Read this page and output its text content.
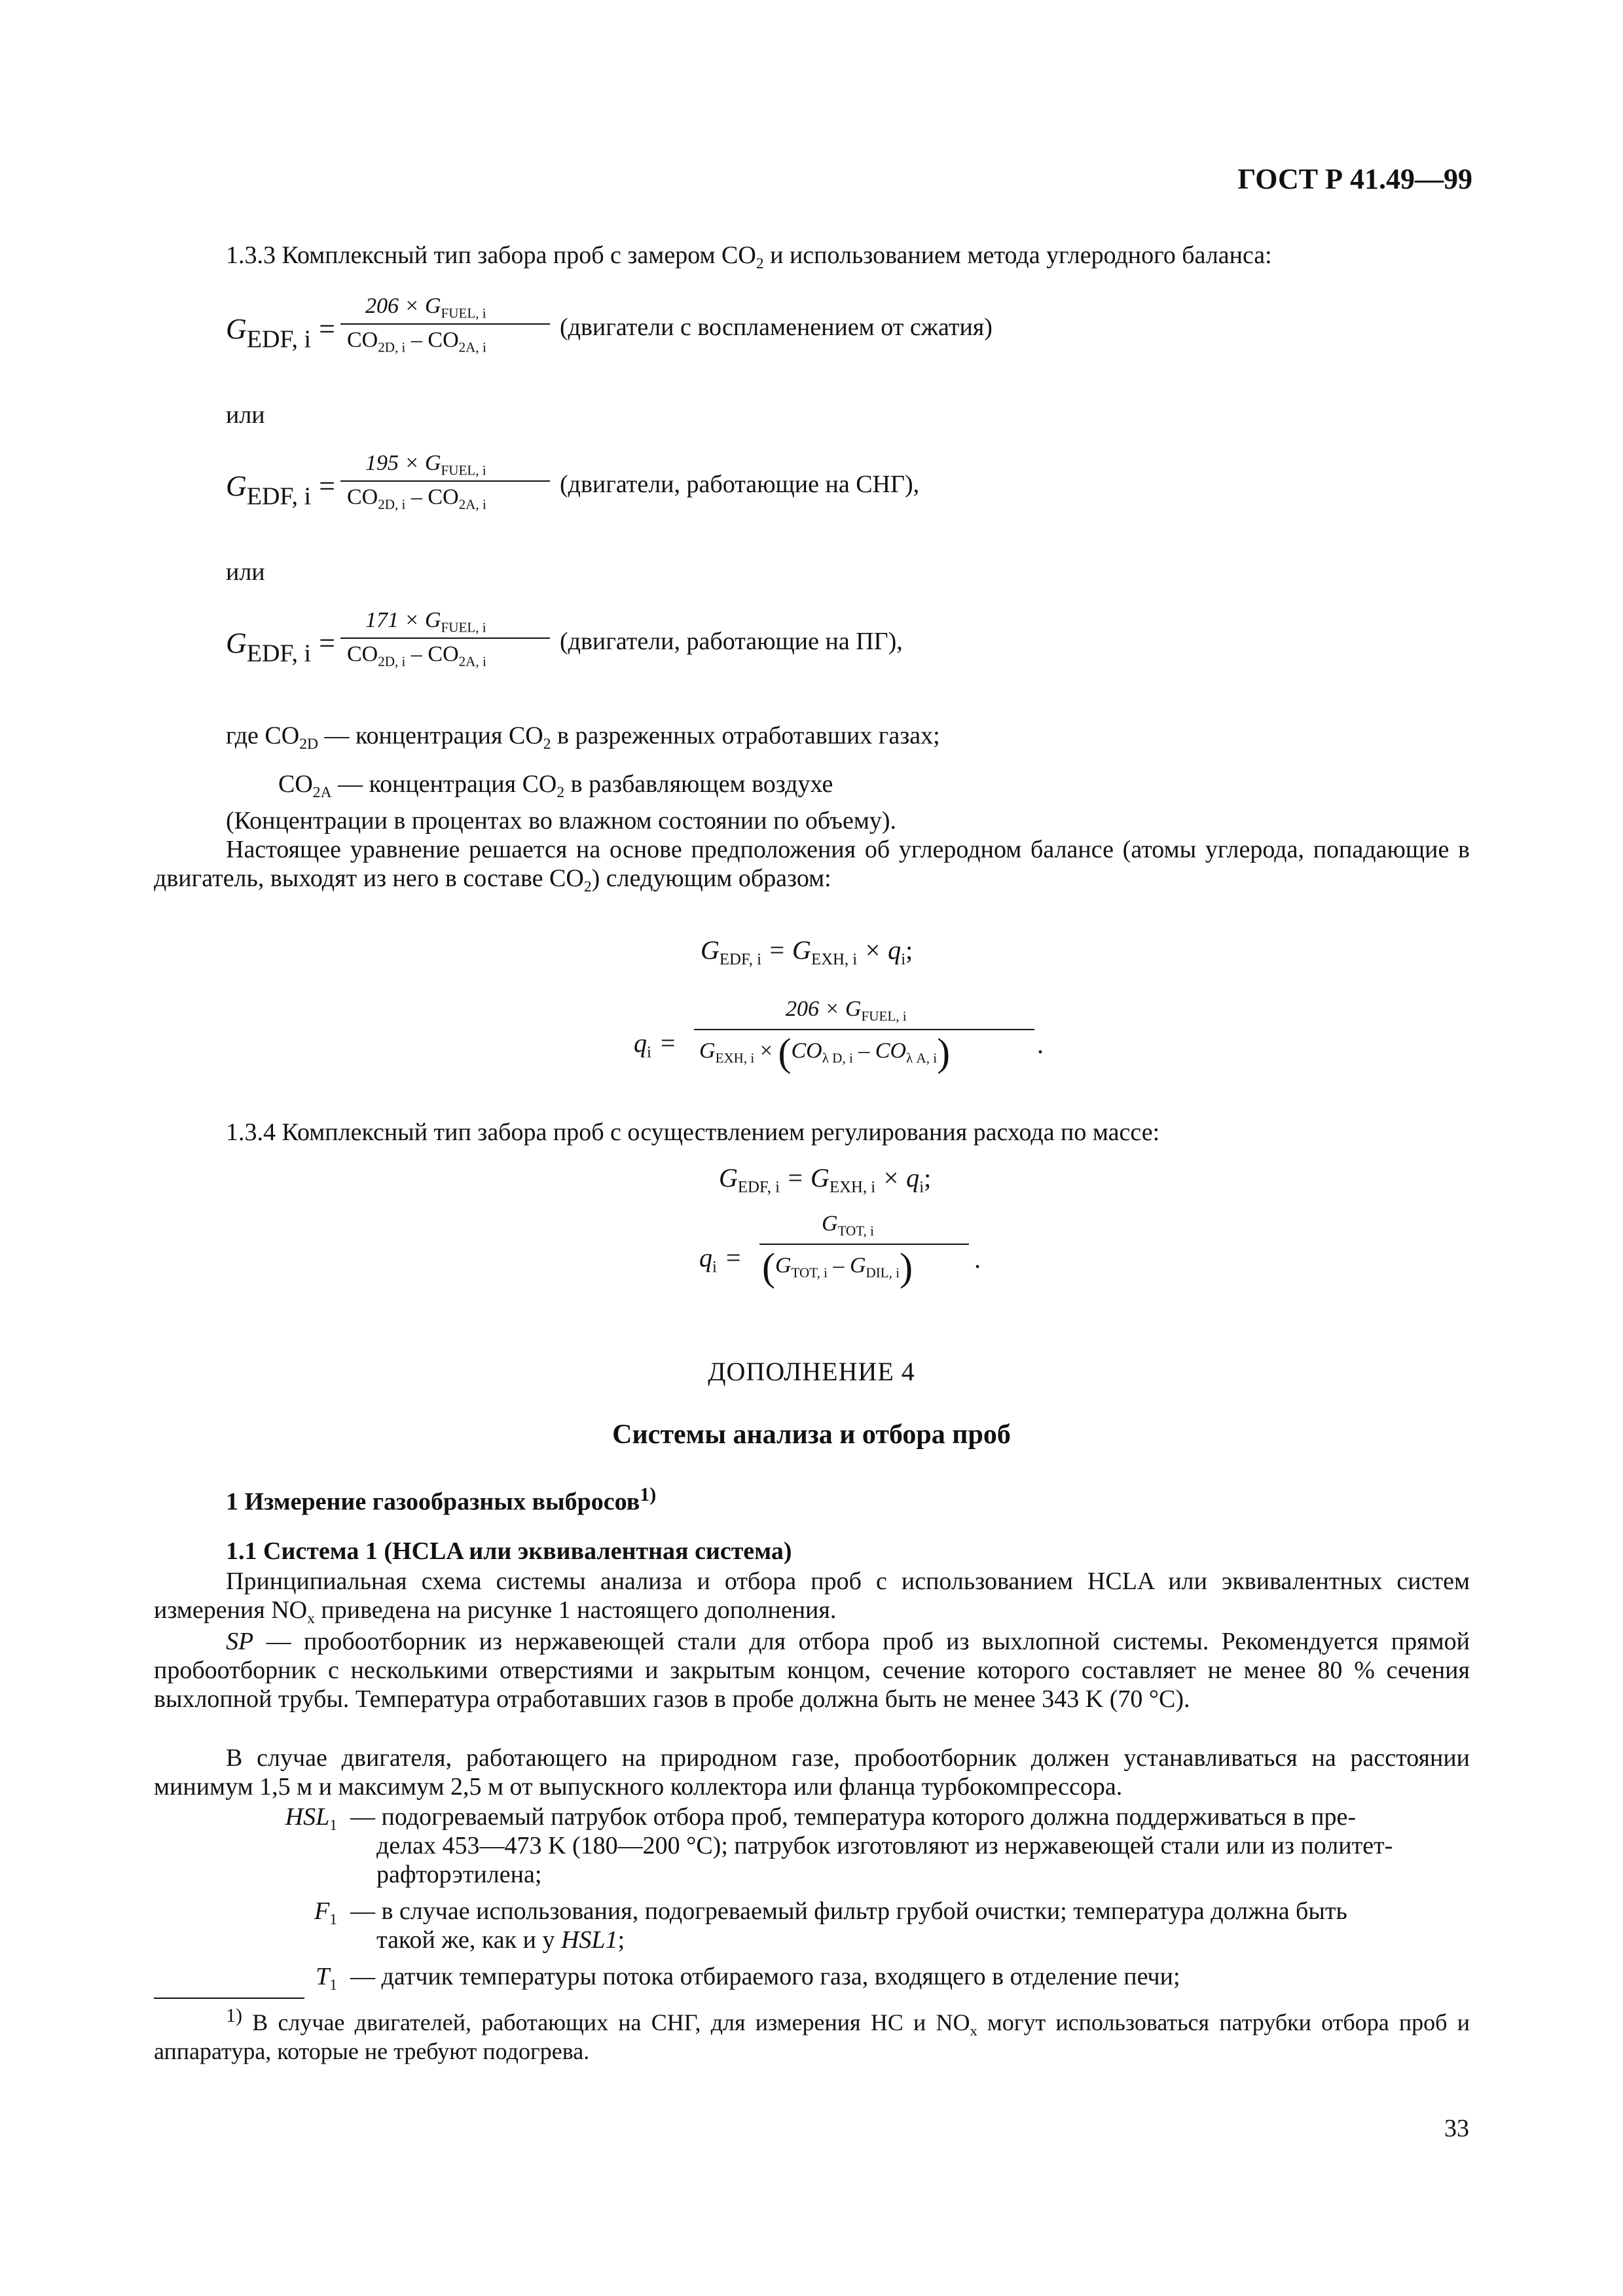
ГОСТ Р 41.49—99
1.3.3 Комплексный тип забора проб с замером $CO_2$ и использованием метода углеродного баланса:
$G_{EDF, i}$ =
$206 \times G_{FUEL, i}$
$CO_{2D, i} - CO_{2A, i}$
(двигатели с воспламенением от сжатия)
или
$G_{EDF, i}$ =
$195 \times G_{FUEL, i}$
$CO_{2D, i} - CO_{2A, i}$
(двигатели, работающие на СНГ),
или
$G_{EDF, i}$ =
$171 \times G_{FUEL, i}$
$CO_{2D, i} - CO_{2A, i}$
(двигатели, работающие на ПГ),
где $CO_{2D}$ — концентрация $CO_2$ в разреженных отработавших газах;
$CO_{2A}$ — концентрация $CO_2$ в разбавляющем воздухе
(Концентрации в процентах во влажном состоянии по объему).
Настоящее уравнение решается на основе предположения об углеродном балансе (атомы углерода, попадающие в двигатель, выходят из него в составе $CO_2$) следующим образом:
$G_{EDF, i} = G_{EXH, i} \times q_i$;
$q_i$ =
$206 \times G_{FUEL, i}$
$G_{EXH, i} \times (CO_{\lambda D, i} - CO_{\lambda A, i})$	.
1.3.4 Комплексный тип забора проб с осуществлением регулирования расхода по массе:
$G_{EDF, i} = G_{EXH, i} \times q_i$;
$q_i$ =
$G_{TOT, i}$
$(G_{TOT, i} - G_{DIL, i})$ .
ДОПОЛНЕНИЕ 4
Системы анализа и отбора проб
1 Измерение газообразных выбросов$^{1)}$
1.1 Система 1 (HCLA или эквивалентная система)
Принципиальная схема системы анализа и отбора проб с использованием HCLA или эквивалентных систем измерения $NO_x$ приведена на рисунке 1 настоящего дополнения.
SP — пробоотборник из нержавеющей стали для отбора проб из выхлопной системы. Рекомендуется прямой пробоотборник с несколькими отверстиями и закрытым концом, сечение которого составляет не менее 80 % сечения выхлопной трубы. Температура отработавших газов в пробе должна быть не менее 343 K (70 °C).
В случае двигателя, работающего на природном газе, пробоотборник должен устанавливаться на расстоянии минимум 1,5 м и максимум 2,5 м от выпускного коллектора или фланца турбокомпрессора.
$HSL_1$ — подогреваемый патрубок отбора проб, температура которого должна поддерживаться в пре-
делах 453—473 K (180—200 °C); патрубок изготовляют из нержавеющей стали или из политет-
рафторэтилена;
$F_1$ — в случае использования, подогреваемый фильтр грубой очистки; температура должна быть
такой же, как и у HSL1;
$T_1$ — датчик температуры потока отбираемого газа, входящего в отделение печи;
$^{1)}$ В случае двигателей, работающих на СНГ, для измерения HC и $NO_x$ могут использоваться патрубки отбора проб и аппаратура, которые не требуют подогрева.
33
